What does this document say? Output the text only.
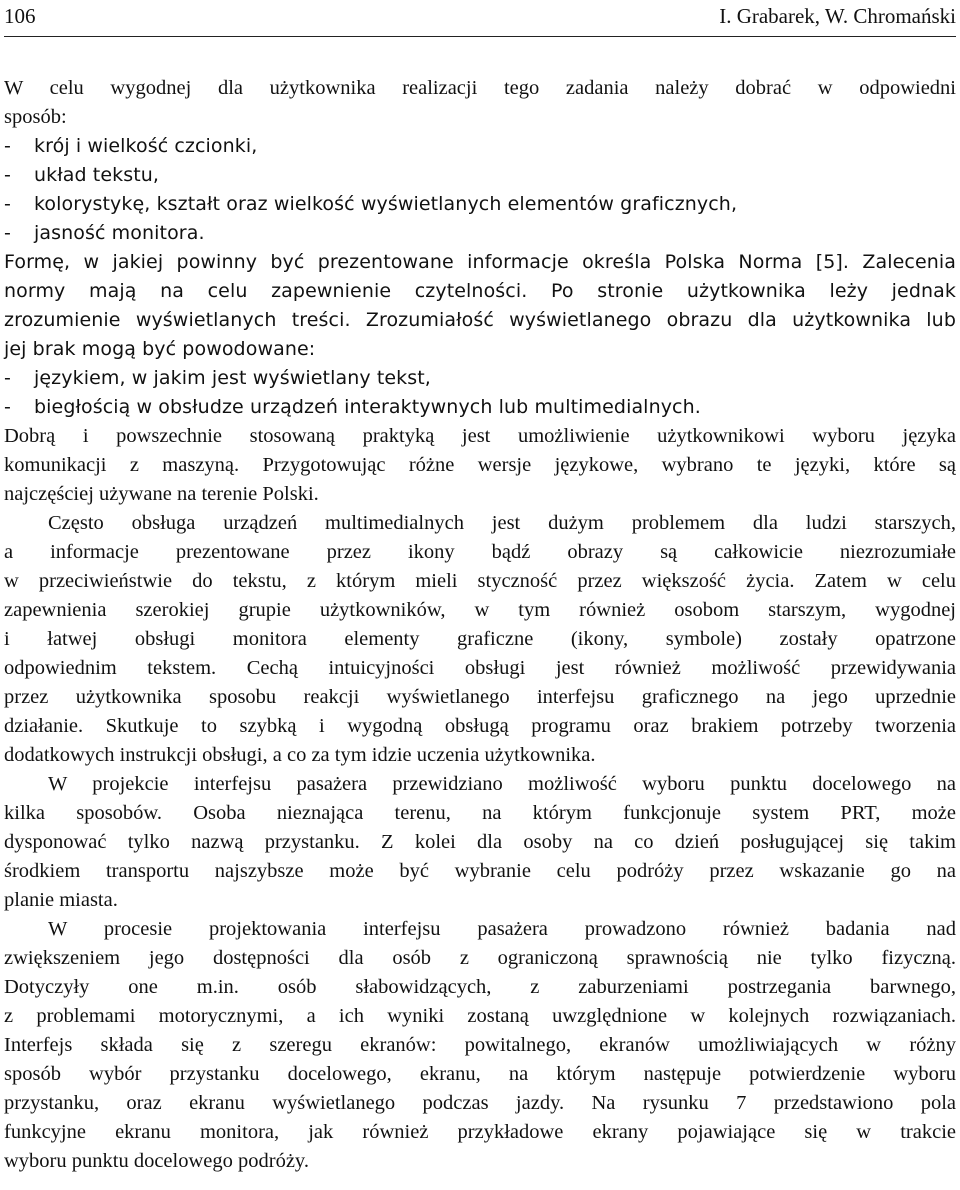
106	I. Grabarek, W. Chromański
W celu wygodnej dla użytkownika realizacji tego zadania należy dobrać w odpowiedni
sposób:
- krój i wielkość czcionki,
- układ tekstu,
- kolorystykę, kształt oraz wielkość wyświetlanych elementów graficznych,
- jasność monitora.
Formę, w jakiej powinny być prezentowane informacje określa Polska Norma [5]. Zalecenia
normy mają na celu zapewnienie czytelności. Po stronie użytkownika leży jednak
zrozumienie wyświetlanych treści. Zrozumiałość wyświetlanego obrazu dla użytkownika lub
jej brak mogą być powodowane:
- językiem, w jakim jest wyświetlany tekst,
- biegłością w obsłudze urządzeń interaktywnych lub multimedialnych.
Dobrą i powszechnie stosowaną praktyką jest umożliwienie użytkownikowi wyboru języka
komunikacji z maszyną. Przygotowując różne wersje językowe, wybrano te języki, które są
najczęściej używane na terenie Polski.
Często obsługa urządzeń multimedialnych jest dużym problemem dla ludzi starszych,
a informacje prezentowane przez ikony bądź obrazy są całkowicie niezrozumiałe
w przeciwieństwie do tekstu, z którym mieli styczność przez większość życia. Zatem w celu
zapewnienia szerokiej grupie użytkowników, w tym również osobom starszym, wygodnej
i łatwej obsługi monitora elementy graficzne (ikony, symbole) zostały opatrzone
odpowiednim tekstem. Cechą intuicyjności obsługi jest również możliwość przewidywania
przez użytkownika sposobu reakcji wyświetlanego interfejsu graficznego na jego uprzednie
działanie. Skutkuje to szybką i wygodną obsługą programu oraz brakiem potrzeby tworzenia
dodatkowych instrukcji obsługi, a co za tym idzie uczenia użytkownika.
W projekcie interfejsu pasażera przewidziano możliwość wyboru punktu docelowego na
kilka sposobów. Osoba nieznająca terenu, na którym funkcjonuje system PRT, może
dysponować tylko nazwą przystanku. Z kolei dla osoby na co dzień posługującej się takim
środkiem transportu najszybsze może być wybranie celu podróży przez wskazanie go na
planie miasta.
W procesie projektowania interfejsu pasażera prowadzono również badania nad
zwiększeniem jego dostępności dla osób z ograniczoną sprawnością nie tylko fizyczną.
Dotyczyły one m.in. osób słabowidzących, z zaburzeniami postrzegania barwnego,
z problemami motorycznymi, a ich wyniki zostaną uwzględnione w kolejnych rozwiązaniach.
Interfejs składa się z szeregu ekranów: powitalnego, ekranów umożliwiających w różny
sposób wybór przystanku docelowego, ekranu, na którym następuje potwierdzenie wyboru
przystanku, oraz ekranu wyświetlanego podczas jazdy. Na rysunku 7 przedstawiono pola
funkcyjne ekranu monitora, jak również przykładowe ekrany pojawiające się w trakcie
wyboru punktu docelowego podróży.
